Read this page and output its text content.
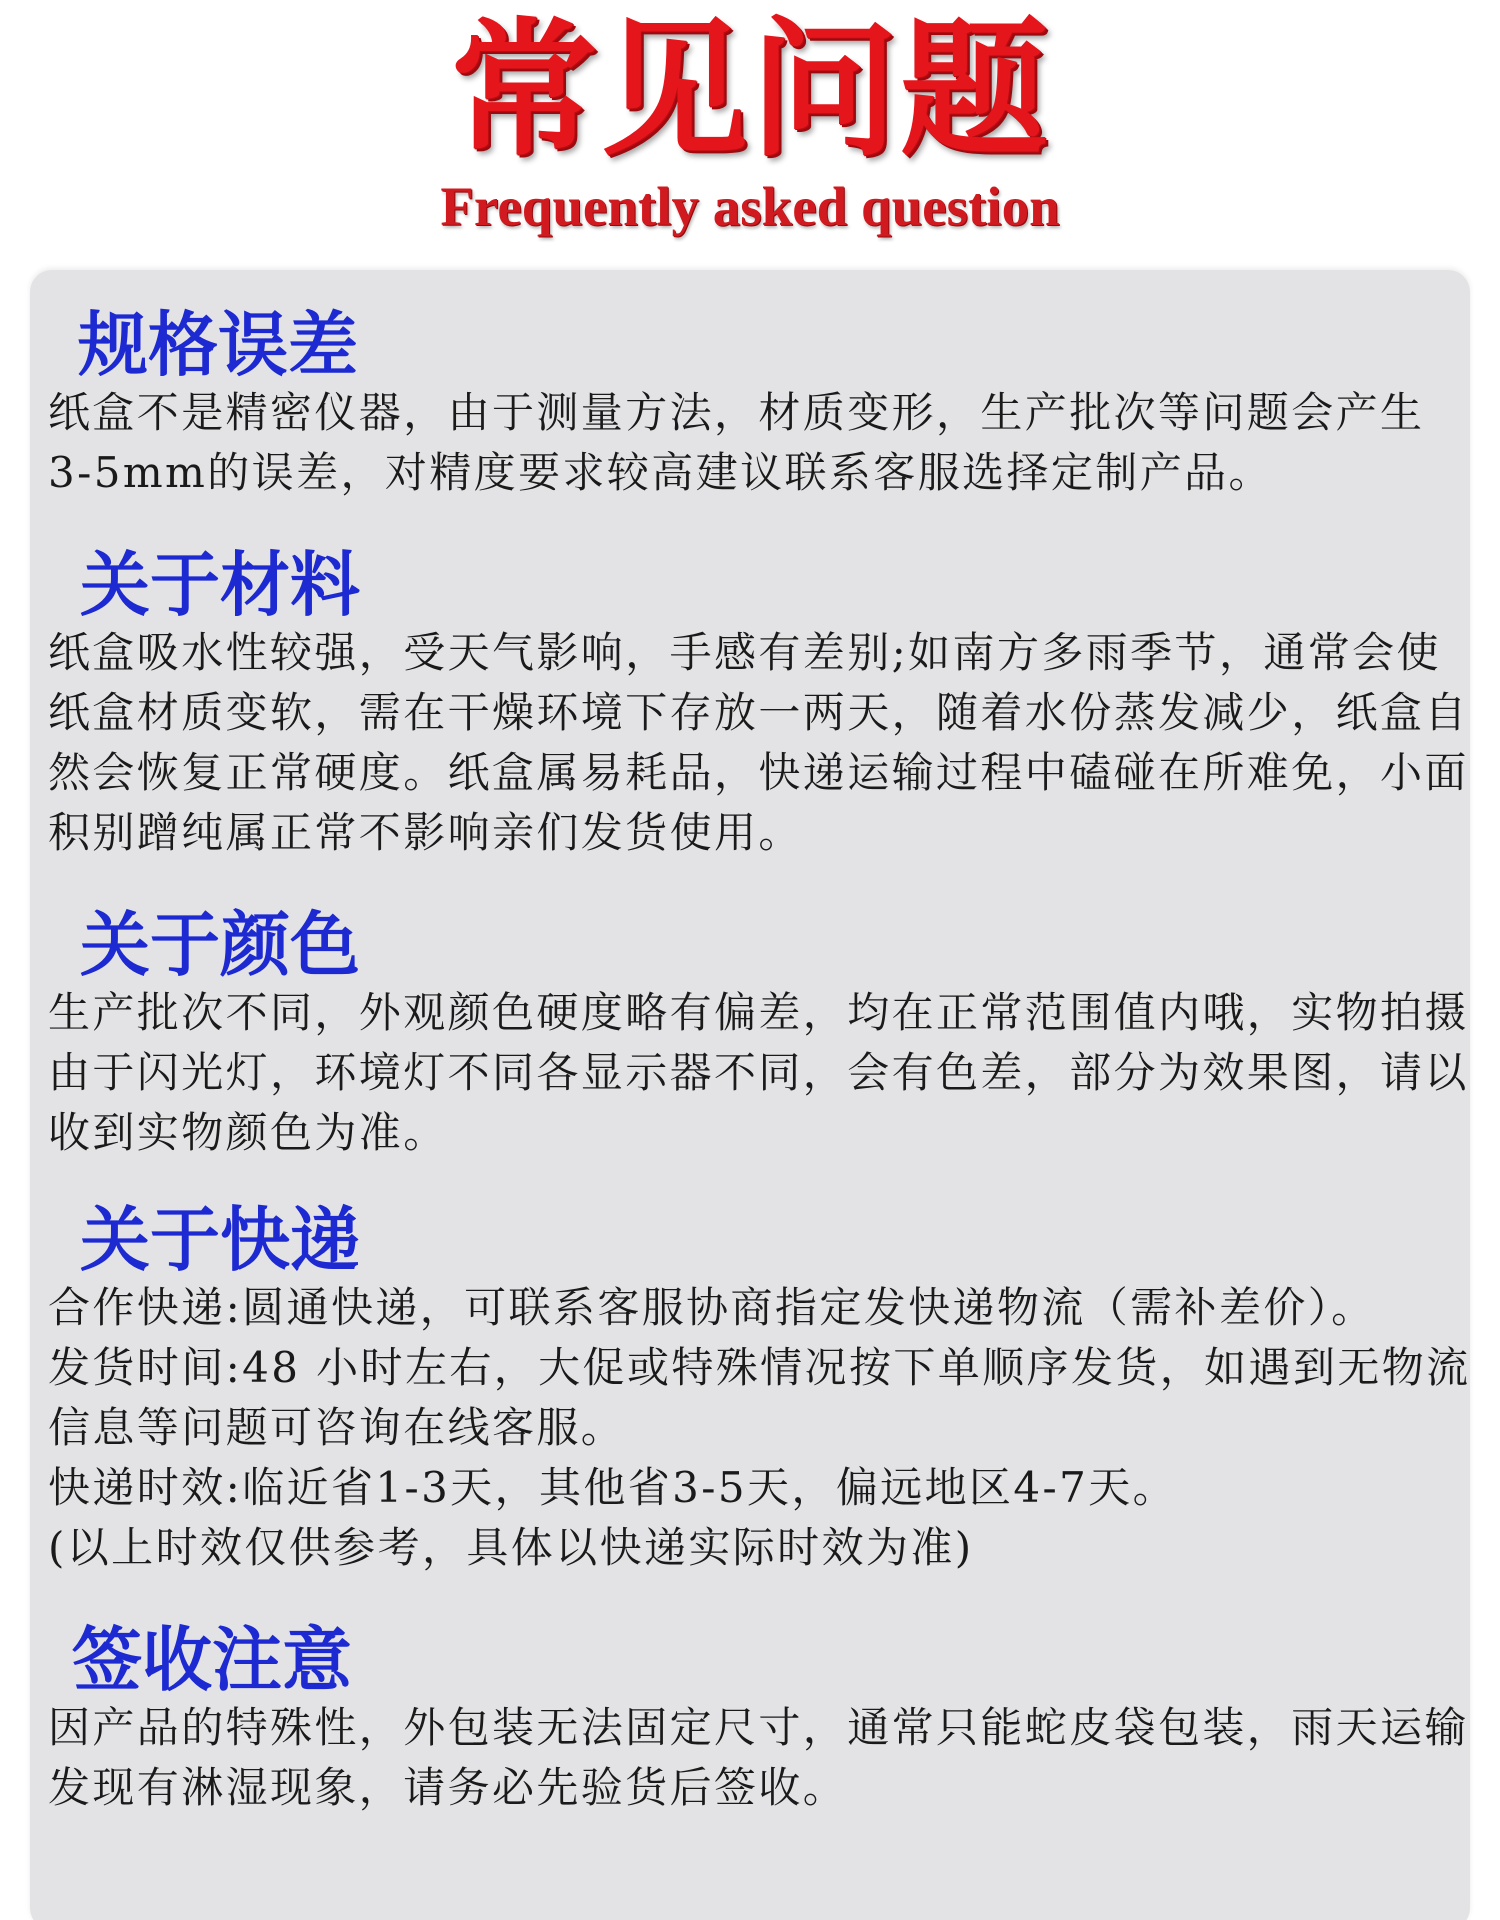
常见问题
Frequently asked question
规格误差
纸盒不是精密仪器，由于测量方法，材质变形，生产批次等问题会产生
3-5mm的误差，对精度要求较高建议联系客服选择定制产品。
关于材料
纸盒吸水性较强，受天气影响，手感有差别;如南方多雨季节，通常会使
纸盒材质变软，需在干燥环境下存放一两天，随着水份蒸发减少，纸盒自
然会恢复正常硬度。纸盒属易耗品，快递运输过程中磕碰在所难免，小面
积别蹭纯属正常不影响亲们发货使用。
关于颜色
生产批次不同，外观颜色硬度略有偏差，均在正常范围值内哦，实物拍摄
由于闪光灯，环境灯不同各显示器不同，会有色差，部分为效果图，请以
收到实物颜色为准。
关于快递
合作快递:圆通快递，可联系客服协商指定发快递物流（需补差价）。
发货时间:48 小时左右，大促或特殊情况按下单顺序发货，如遇到无物流
信息等问题可咨询在线客服。
快递时效:临近省1-3天，其他省3-5天，偏远地区4-7天。
(以上时效仅供参考，具体以快递实际时效为准)
签收注意
因产品的特殊性，外包装无法固定尺寸，通常只能蛇皮袋包装，雨天运输
发现有淋湿现象，请务必先验货后签收。
